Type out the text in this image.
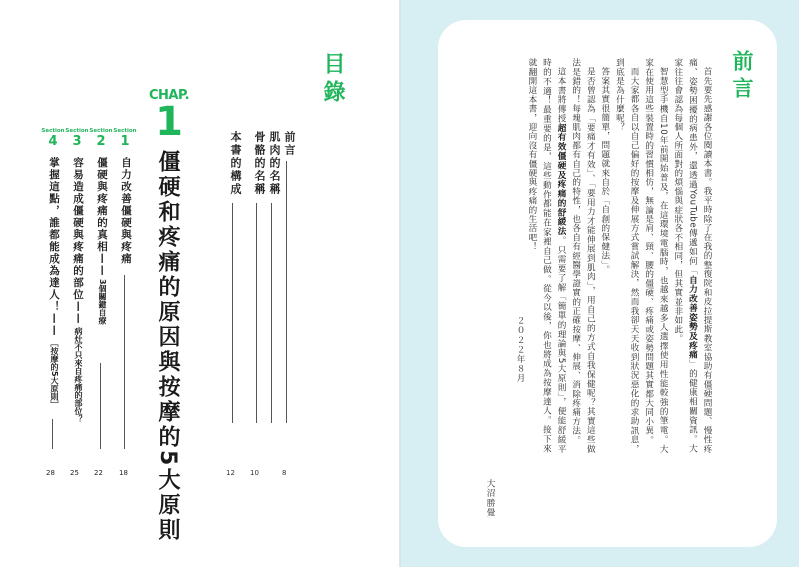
目錄
前言
8
肌肉的名稱
骨骼的名稱
10
本書的構成
12
CHAP.
1
僵硬和疼痛的原因與按摩的5大原則
Section
1
自力改善僵硬與疼痛
18
Section
2
僵硬與疼痛的真相——
3個關鍵自療
22
Section
3
容易造成僵硬與疼痛的部位——
病灶不只來自疼痛的部位？
25
Section
4
掌握這點，誰都能成為達人！——
［按摩的5大原則］
28
前言

首先要先感謝各位閱讀本書。我平時除了在我的整復院和皮拉提斯教室協助有僵硬問題、慢性疼痛、姿勢困擾的病患外，還透過YouTube傳遞如何「自力改善姿勢及疼痛」的健康相關資訊。大家往往會認為每個人所面對的煩惱與症狀各不相同，但其實並非如此。

智慧型手機自10年前開始普及，在這環境電腦時，也越來越多人選擇使用性能較強的筆電。大家在使用這些裝置時的習慣相仿，無論是肩、頸、腰的僵硬、疼痛或姿勢問題其實都大同小異。

而大家都各自以自己偏好的按摩及伸展方式嘗試解決，然而我卻天天收到狀況惡化的求助訊息，到底是為什麼呢？

答案其實很簡單，問題就來自於「自創的保健法」。

是否曾認為「要痛才有效」、「要用力才能伸展到肌肉」，用自己的方式自我保健呢？其實這些做法是錯的！每塊肌肉都有自己的特性，也各自有經醫學證實的正確按摩、伸展、消除疼痛方法。

這本書將傳授超有效僵硬及疼痛的舒緩法。只需要了解「簡單的理論與5大原則」，便能舒緩平時的不適！最重要的是，這些動作都能在家裡自己做。從今以後，你也將成為按摩達人。接下來就翻開這本書，迎向沒有僵硬與疼痛的生活吧！

２０２２年８月
大沼勝覺
